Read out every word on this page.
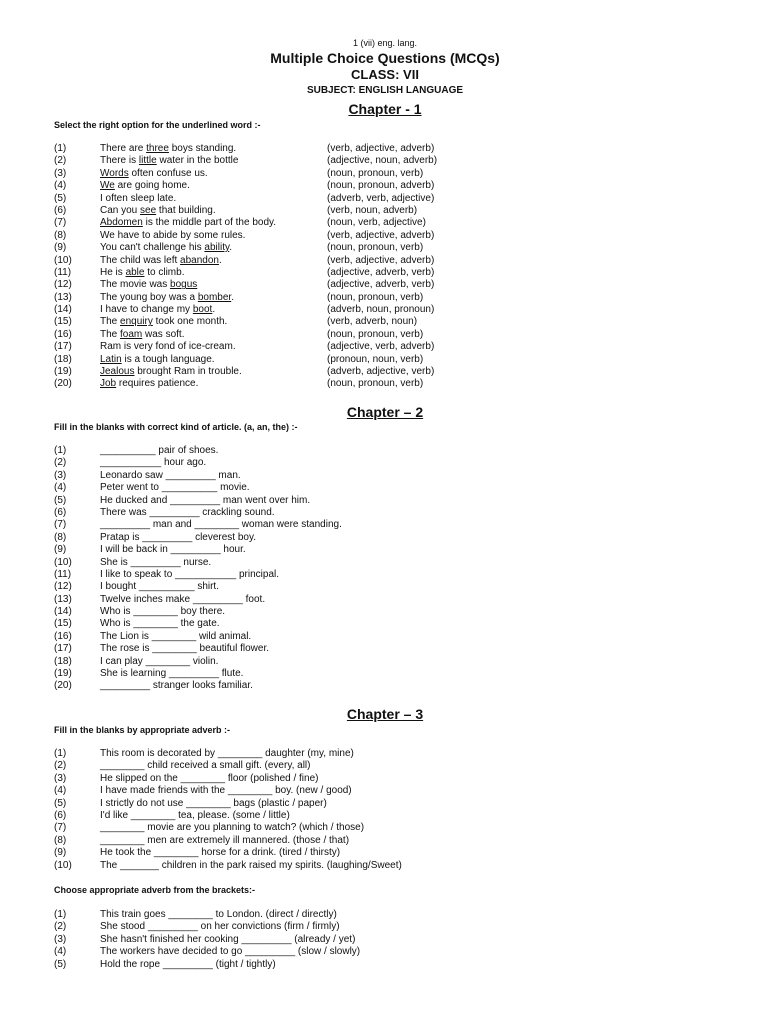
1 (vii) eng. lang.
Multiple Choice Questions (MCQs)
CLASS: VII
SUBJECT: ENGLISH LANGUAGE
Chapter - 1
Select the right option for the underlined word :-
(1)	There are three boys standing.	(verb, adjective, adverb)
(2)	There is little water in the bottle	(adjective, noun, adverb)
(3)	Words often confuse us.	(noun, pronoun, verb)
(4)	We are going home.	(noun, pronoun, adverb)
(5)	I often sleep late.	(adverb, verb, adjective)
(6)	Can you see that building.	(verb, noun, adverb)
(7)	Abdomen is the middle part of the body.	(noun, verb, adjective)
(8)	We have to abide by some rules.	(verb, adjective, adverb)
(9)	You can't challenge his ability.	(noun, pronoun, verb)
(10)	The child was left abandon.	(verb, adjective, adverb)
(11)	He is able to climb.	(adjective, adverb, verb)
(12)	The movie was bogus	(adjective, adverb, verb)
(13)	The young boy was a bomber.	(noun, pronoun, verb)
(14)	I have to change my boot.	(adverb, noun, pronoun)
(15)	The enquiry took one month.	(verb, adverb, noun)
(16)	The foam was soft.	(noun, pronoun, verb)
(17)	Ram is very fond of ice-cream.	(adjective, verb, adverb)
(18)	Latin is a tough language.	(pronoun, noun, verb)
(19)	Jealous brought Ram in trouble.	(adverb, adjective, verb)
(20)	Job requires patience.	(noun, pronoun, verb)
Chapter – 2
Fill in the blanks with correct kind of article. (a, an, the) :-
(1)	__________ pair of shoes.
(2)	___________ hour ago.
(3)	Leonardo saw _________ man.
(4)	Peter went to __________ movie.
(5)	He ducked and _________ man went over him.
(6)	There was _________ crackling sound.
(7)	_________ man and ________ woman were standing.
(8)	Pratap is _________ cleverest boy.
(9)	I will be back in _________ hour.
(10)	She is _________ nurse.
(11)	I like to speak to ___________ principal.
(12)	I bought __________ shirt.
(13)	Twelve inches make _________ foot.
(14)	Who is ________ boy there.
(15)	Who is ________ the gate.
(16)	The Lion is ________ wild animal.
(17)	The rose is ________ beautiful flower.
(18)	I can play ________ violin.
(19)	She is learning _________ flute.
(20)	_________ stranger looks familiar.
Chapter – 3
Fill in the blanks by appropriate adverb :-
(1)	This room is decorated by ________ daughter (my, mine)
(2)	________ child received a small gift. (every, all)
(3)	He slipped on the ________ floor (polished / fine)
(4)	I have made friends with the ________ boy. (new / good)
(5)	I strictly do not use ________ bags (plastic / paper)
(6)	I'd like ________ tea, please. (some / little)
(7)	________ movie are you planning to watch? (which / those)
(8)	________ men are extremely ill mannered. (those / that)
(9)	He took the ________ horse for a drink. (tired / thirsty)
(10)	The _______ children in the park raised my spirits. (laughing/Sweet)
Choose appropriate adverb from the brackets:-
(1)	This train goes ________ to London. (direct / directly)
(2)	She stood _________ on her convictions (firm / firmly)
(3)	She hasn't finished her cooking _________ (already / yet)
(4)	The workers have decided to go _________ (slow / slowly)
(5)	Hold the rope _________ (tight / tightly)
